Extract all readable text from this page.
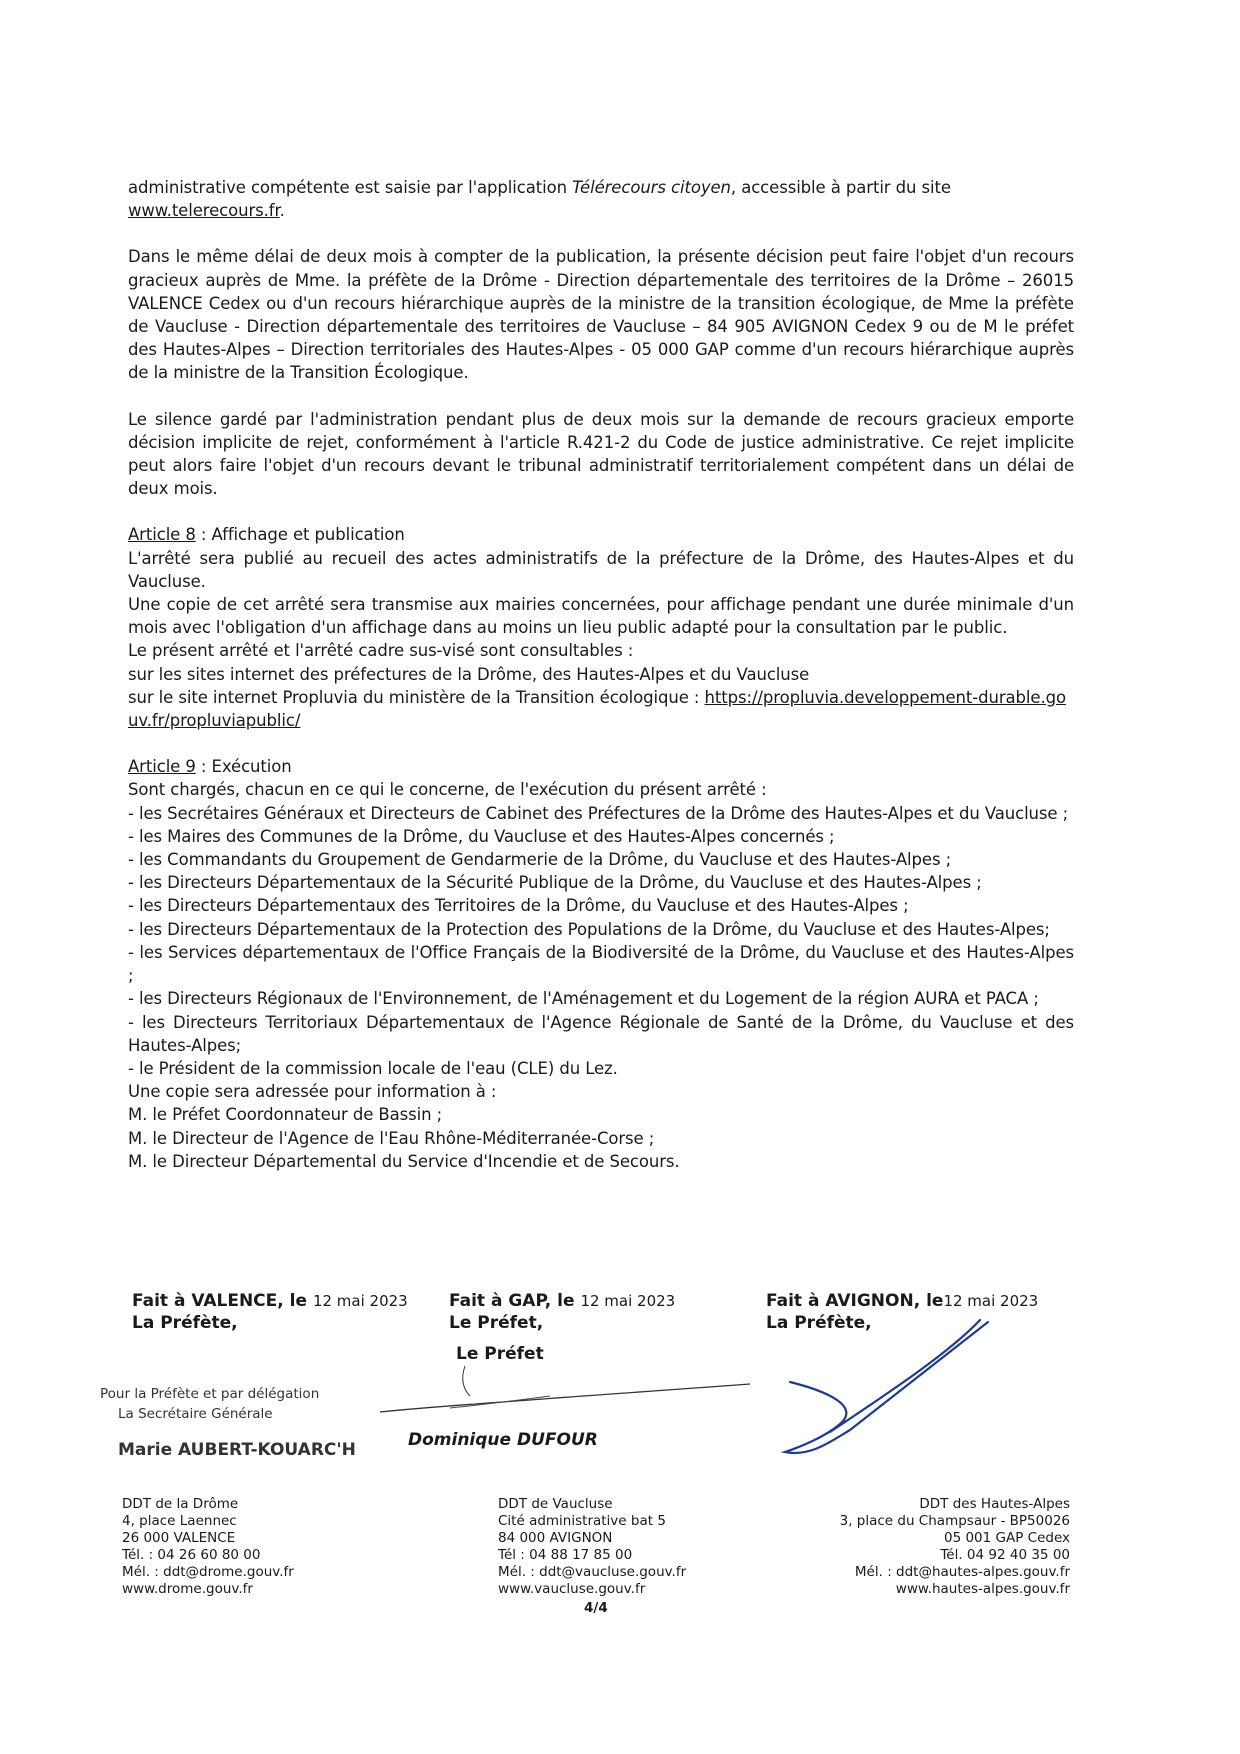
administrative compétente est saisie par l'application Télérecours citoyen, accessible à partir du site
www.telerecours.fr.

Dans le même délai de deux mois à compter de la publication, la présente décision peut faire l'objet d'un recours gracieux auprès de Mme. la préfète de la Drôme - Direction départementale des territoires de la Drôme – 26015 VALENCE Cedex ou d'un recours hiérarchique auprès de la ministre de la transition écologique, de Mme la préfète de Vaucluse - Direction départementale des territoires de Vaucluse – 84 905 AVIGNON Cedex 9 ou de M le préfet des Hautes-Alpes – Direction territoriales des Hautes-Alpes - 05 000 GAP comme d'un recours hiérarchique auprès de la ministre de la Transition Écologique.

Le silence gardé par l'administration pendant plus de deux mois sur la demande de recours gracieux emporte décision implicite de rejet, conformément à l'article R.421-2 du Code de justice administrative. Ce rejet implicite peut alors faire l'objet d'un recours devant le tribunal administratif territorialement compétent dans un délai de deux mois.

Article 8 : Affichage et publication

L'arrêté sera publié au recueil des actes administratifs de la préfecture de la Drôme, des Hautes-Alpes et du Vaucluse.

Une copie de cet arrêté sera transmise aux mairies concernées, pour affichage pendant une durée minimale d'un mois avec l'obligation d'un affichage dans au moins un lieu public adapté pour la consultation par le public.

Le présent arrêté et l'arrêté cadre sus-visé sont consultables :

sur les sites internet des préfectures de la Drôme, des Hautes-Alpes et du Vaucluse

sur le site internet Propluvia du ministère de la Transition écologique : https://propluvia.developpement-durable.gouv.fr/propluviapublic/

Article 9 : Exécution

Sont chargés, chacun en ce qui le concerne, de l'exécution du présent arrêté :

- les Secrétaires Généraux et Directeurs de Cabinet des Préfectures de la Drôme des Hautes-Alpes et du Vaucluse ;

- les Maires des Communes de la Drôme, du Vaucluse et des Hautes-Alpes concernés ;

- les Commandants du Groupement de Gendarmerie de la Drôme, du Vaucluse et des Hautes-Alpes ;

- les Directeurs Départementaux de la Sécurité Publique de la Drôme, du Vaucluse et des Hautes-Alpes ;

- les Directeurs Départementaux des Territoires de la Drôme, du Vaucluse et des Hautes-Alpes ;

- les Directeurs Départementaux de la Protection des Populations de la Drôme, du Vaucluse et des Hautes-Alpes;

- les Services départementaux de l'Office Français de la Biodiversité de la Drôme, du Vaucluse et des Hautes-Alpes ;

- les Directeurs Régionaux de l'Environnement, de l'Aménagement et du Logement de la région AURA et PACA ;

- les Directeurs Territoriaux Départementaux de l'Agence Régionale de Santé de la Drôme, du Vaucluse et des Hautes-Alpes;

- le Président de la commission locale de l'eau (CLE) du Lez.

Une copie sera adressée pour information à :

M. le Préfet Coordonnateur de Bassin ;

M. le Directeur de l'Agence de l'Eau Rhône-Méditerranée-Corse ;

M. le Directeur Départemental du Service d'Incendie et de Secours.

Fait à VALENCE, le 12 mai 2023
La Préfète,
Fait à GAP, le 12 mai 2023
Le Préfet,
Fait à AVIGNON, le12 mai 2023
La Préfète,
Pour la Préfète et par délégation
La Secrétaire Générale
Marie AUBERT-KOUARC'H
Le Préfet
Dominique DUFOUR

DDT de la Drôme

4, place Laennec

26 000 VALENCE

Tél. : 04 26 60 80 00

Mél. : ddt@drome.gouv.fr

www.drome.gouv.fr

DDT de Vaucluse

Cité administrative bat 5

84 000 AVIGNON

Tél : 04 88 17 85 00

Mél. : ddt@vaucluse.gouv.fr

www.vaucluse.gouv.fr

DDT des Hautes-Alpes

3, place du Champsaur - BP50026

05 001 GAP Cedex

Tél. 04 92 40 35 00

Mél. : ddt@hautes-alpes.gouv.fr

www.hautes-alpes.gouv.fr

4/4
